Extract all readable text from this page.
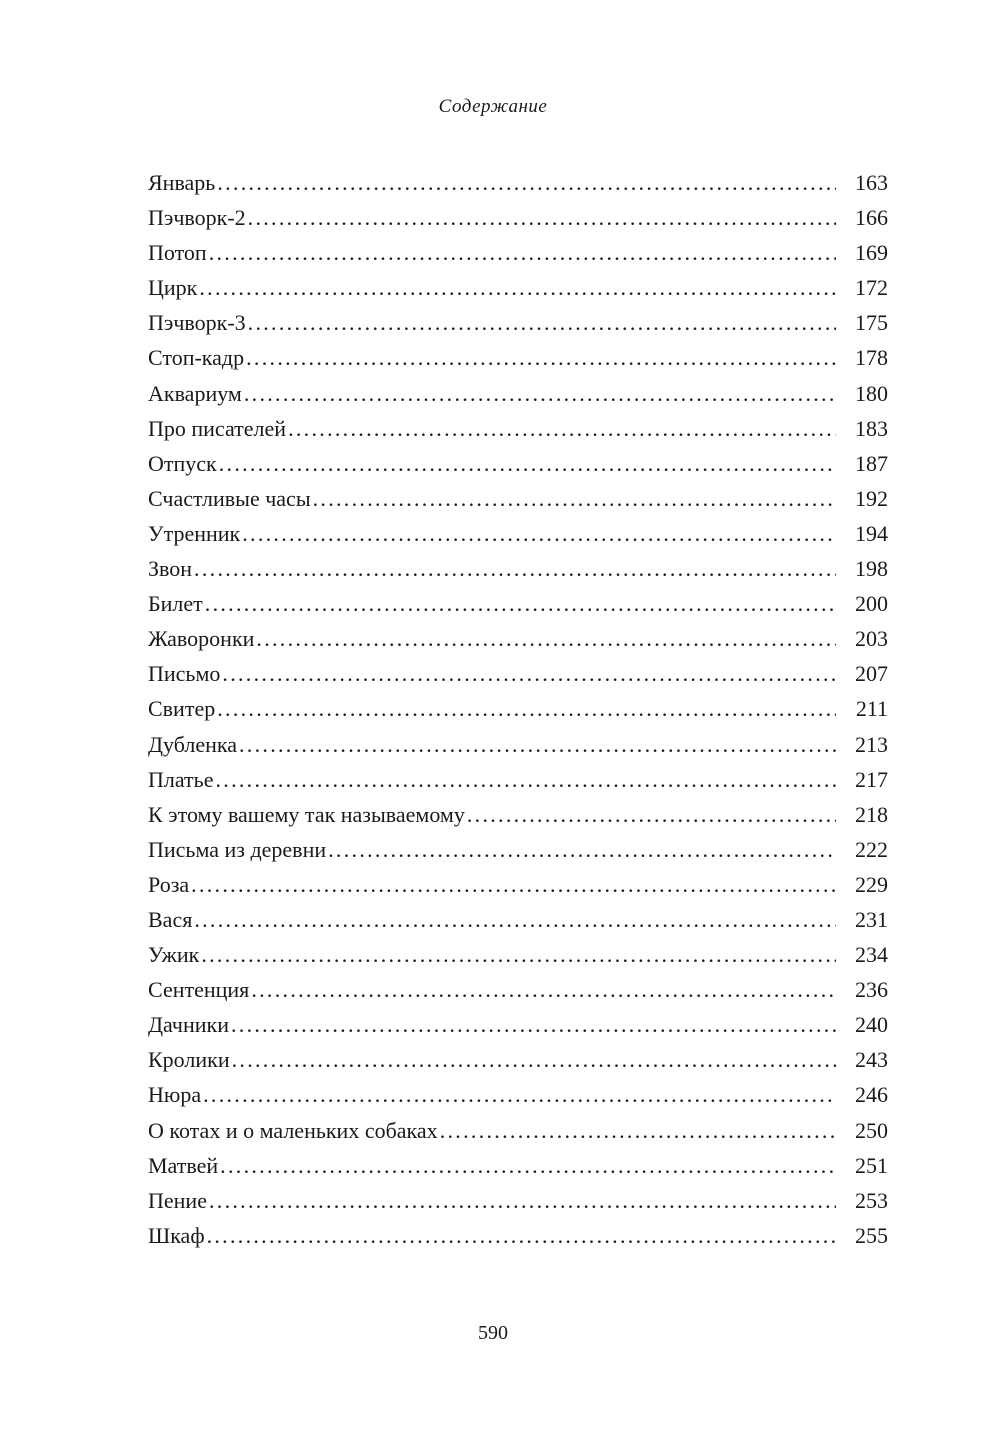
Содержание
Январь . . .	163
Пэчворк-2 . . .	166
Потоп . . .	169
Цирк . . .	172
Пэчворк-3 . . .	175
Стоп-кадр . . .	178
Аквариум . . .	180
Про писателей . . .	183
Отпуск . . .	187
Счастливые часы . . .	192
Утренник . . .	194
Звон . . .	198
Билет . . .	200
Жаворонки . . .	203
Письмо . . .	207
Свитер . . .	211
Дубленка . . .	213
Платье . . .	217
К этому вашему так называемому . . .	218
Письма из деревни . . .	222
Роза . . .	229
Вася . . .	231
Ужик . . .	234
Сентенция . . .	236
Дачники . . .	240
Кролики . . .	243
Нюра . . .	246
О котах и о маленьких собаках . . .	250
Матвей . . .	251
Пение . . .	253
Шкаф . . .	255
590
